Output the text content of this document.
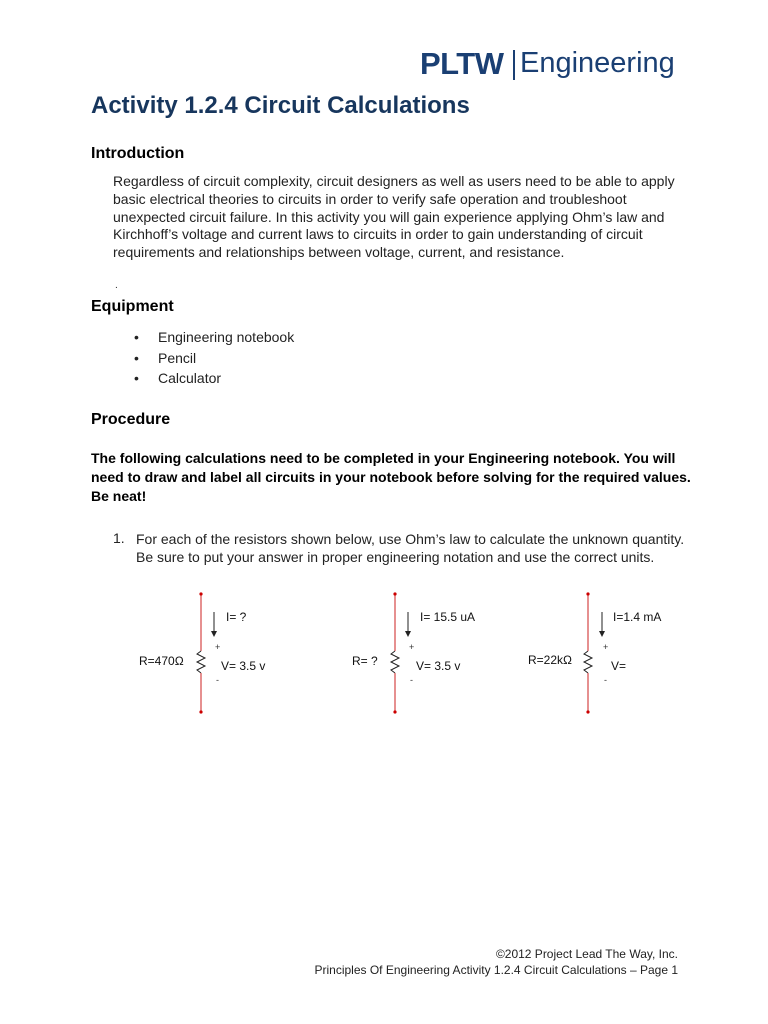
PLTW Engineering
Activity 1.2.4 Circuit Calculations
Introduction

Regardless of circuit complexity, circuit designers as well as users need to be able to apply basic electrical theories to circuits in order to verify safe operation and troubleshoot unexpected circuit failure. In this activity you will gain experience applying Ohm’s law and Kirchhoff’s voltage and current laws to circuits in order to gain understanding of circuit requirements and relationships between voltage, current, and resistance.

.
Equipment
• Engineering notebook
• Pencil
• Calculator
Procedure

The following calculations need to be completed in your Engineering notebook. You will need to draw and label all circuits in your notebook before solving for the required values. Be neat!

1. For each of the resistors shown below, use Ohm’s law to calculate the unknown quantity. Be sure to put your answer in proper engineering notation and use the correct units.

I= ?
R=470Ω
+
V= 3.5 v
-
I= 15.5 uA
R= ?
+
V= 3.5 v
-
I=1.4 mA
R=22kΩ
+
V=
-
©2012 Project Lead The Way, Inc.
Principles Of Engineering Activity 1.2.4 Circuit Calculations – Page 1
